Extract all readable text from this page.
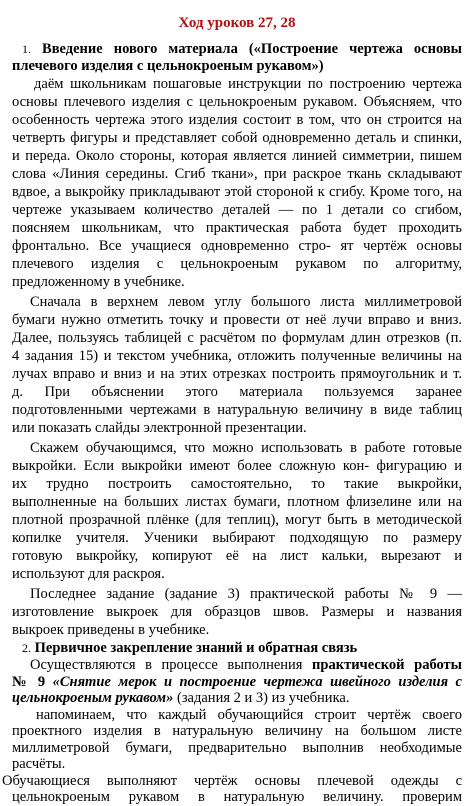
Ход уроков 27, 28
1. Введение нового материала («Построение чертежа основы
плечевого изделия с цельнокроеным рукавом»)
даём школьникам пошаговые инструкции по построению чертежа
основы плечевого изделия с цельнокроеным рукавом. Объясняем, что
особенность чертежа этого изделия состоит в том, что он строится на
четверть фигуры и представляет собой одновременно деталь и спинки,
и переда. Около стороны, которая является линией симметрии, пишем
слова «Линия середины. Сгиб ткани», при раскрое ткань складывают
вдвое, а выкройку прикладывают этой стороной к сгибу. Кроме того, на
чертеже указываем количество деталей — по 1 детали со сгибом,
поясняем школьникам, что практическая работа будет проходить
фронтально. Все учащиеся одновременно стро- ят чертёж основы
плечевого изделия с цельнокроеным рукавом по алгоритму,
предложенному в учебнике.
Сначала в верхнем левом углу большого листа миллиметровой
бумаги нужно отметить точку и провести от неё лучи вправо и вниз.
Далее, пользуясь таблицей с расчётом по формулам длин отрезков (п.
4 задания 15) и текстом учебника, отложить полученные величины на
лучах вправо и вниз и на этих отрезках построить прямоугольник и т.
д. При объяснении этого материала пользуемся заранее
подготовленными чертежами в натуральную величину в виде таблиц
или показать слайды электронной презентации.
Скажем обучающимся, что можно использовать в работе готовые
выкройки. Если выкройки имеют более сложную кон- фигурацию и
их трудно построить самостоятельно, то такие выкройки,
выполненные на больших листах бумаги, плотном флизелине или на
плотной прозрачной плёнке (для теплиц), могут быть в методической
копилке учителя. Ученики выбирают подходящую по размеру
готовую выкройку, копируют её на лист кальки, вырезают и
используют для раскроя.
Последнее задание (задание 3) практической работы № 9 —
изготовление выкроек для образцов швов. Размеры и названия
выкроек приведены в учебнике.
2. Первичное закрепление знаний и обратная связь
Осуществляются в процессе выполнения практической работы
№ 9 «Снятие мерок и построение чертежа швейного изделия с
цельнокроеным рукавом» (задания 2 и 3) из учебника.
напоминаем, что каждый обучающийся строит чертёж своего
проектного изделия в натуральную величину на большом листе
миллиметровой бумаги, предварительно выполнив необходимые
расчёты.
Обучающиеся выполняют чертёж основы плечевой одежды с
цельнокроеным рукавом в натуральную величину. проверим
